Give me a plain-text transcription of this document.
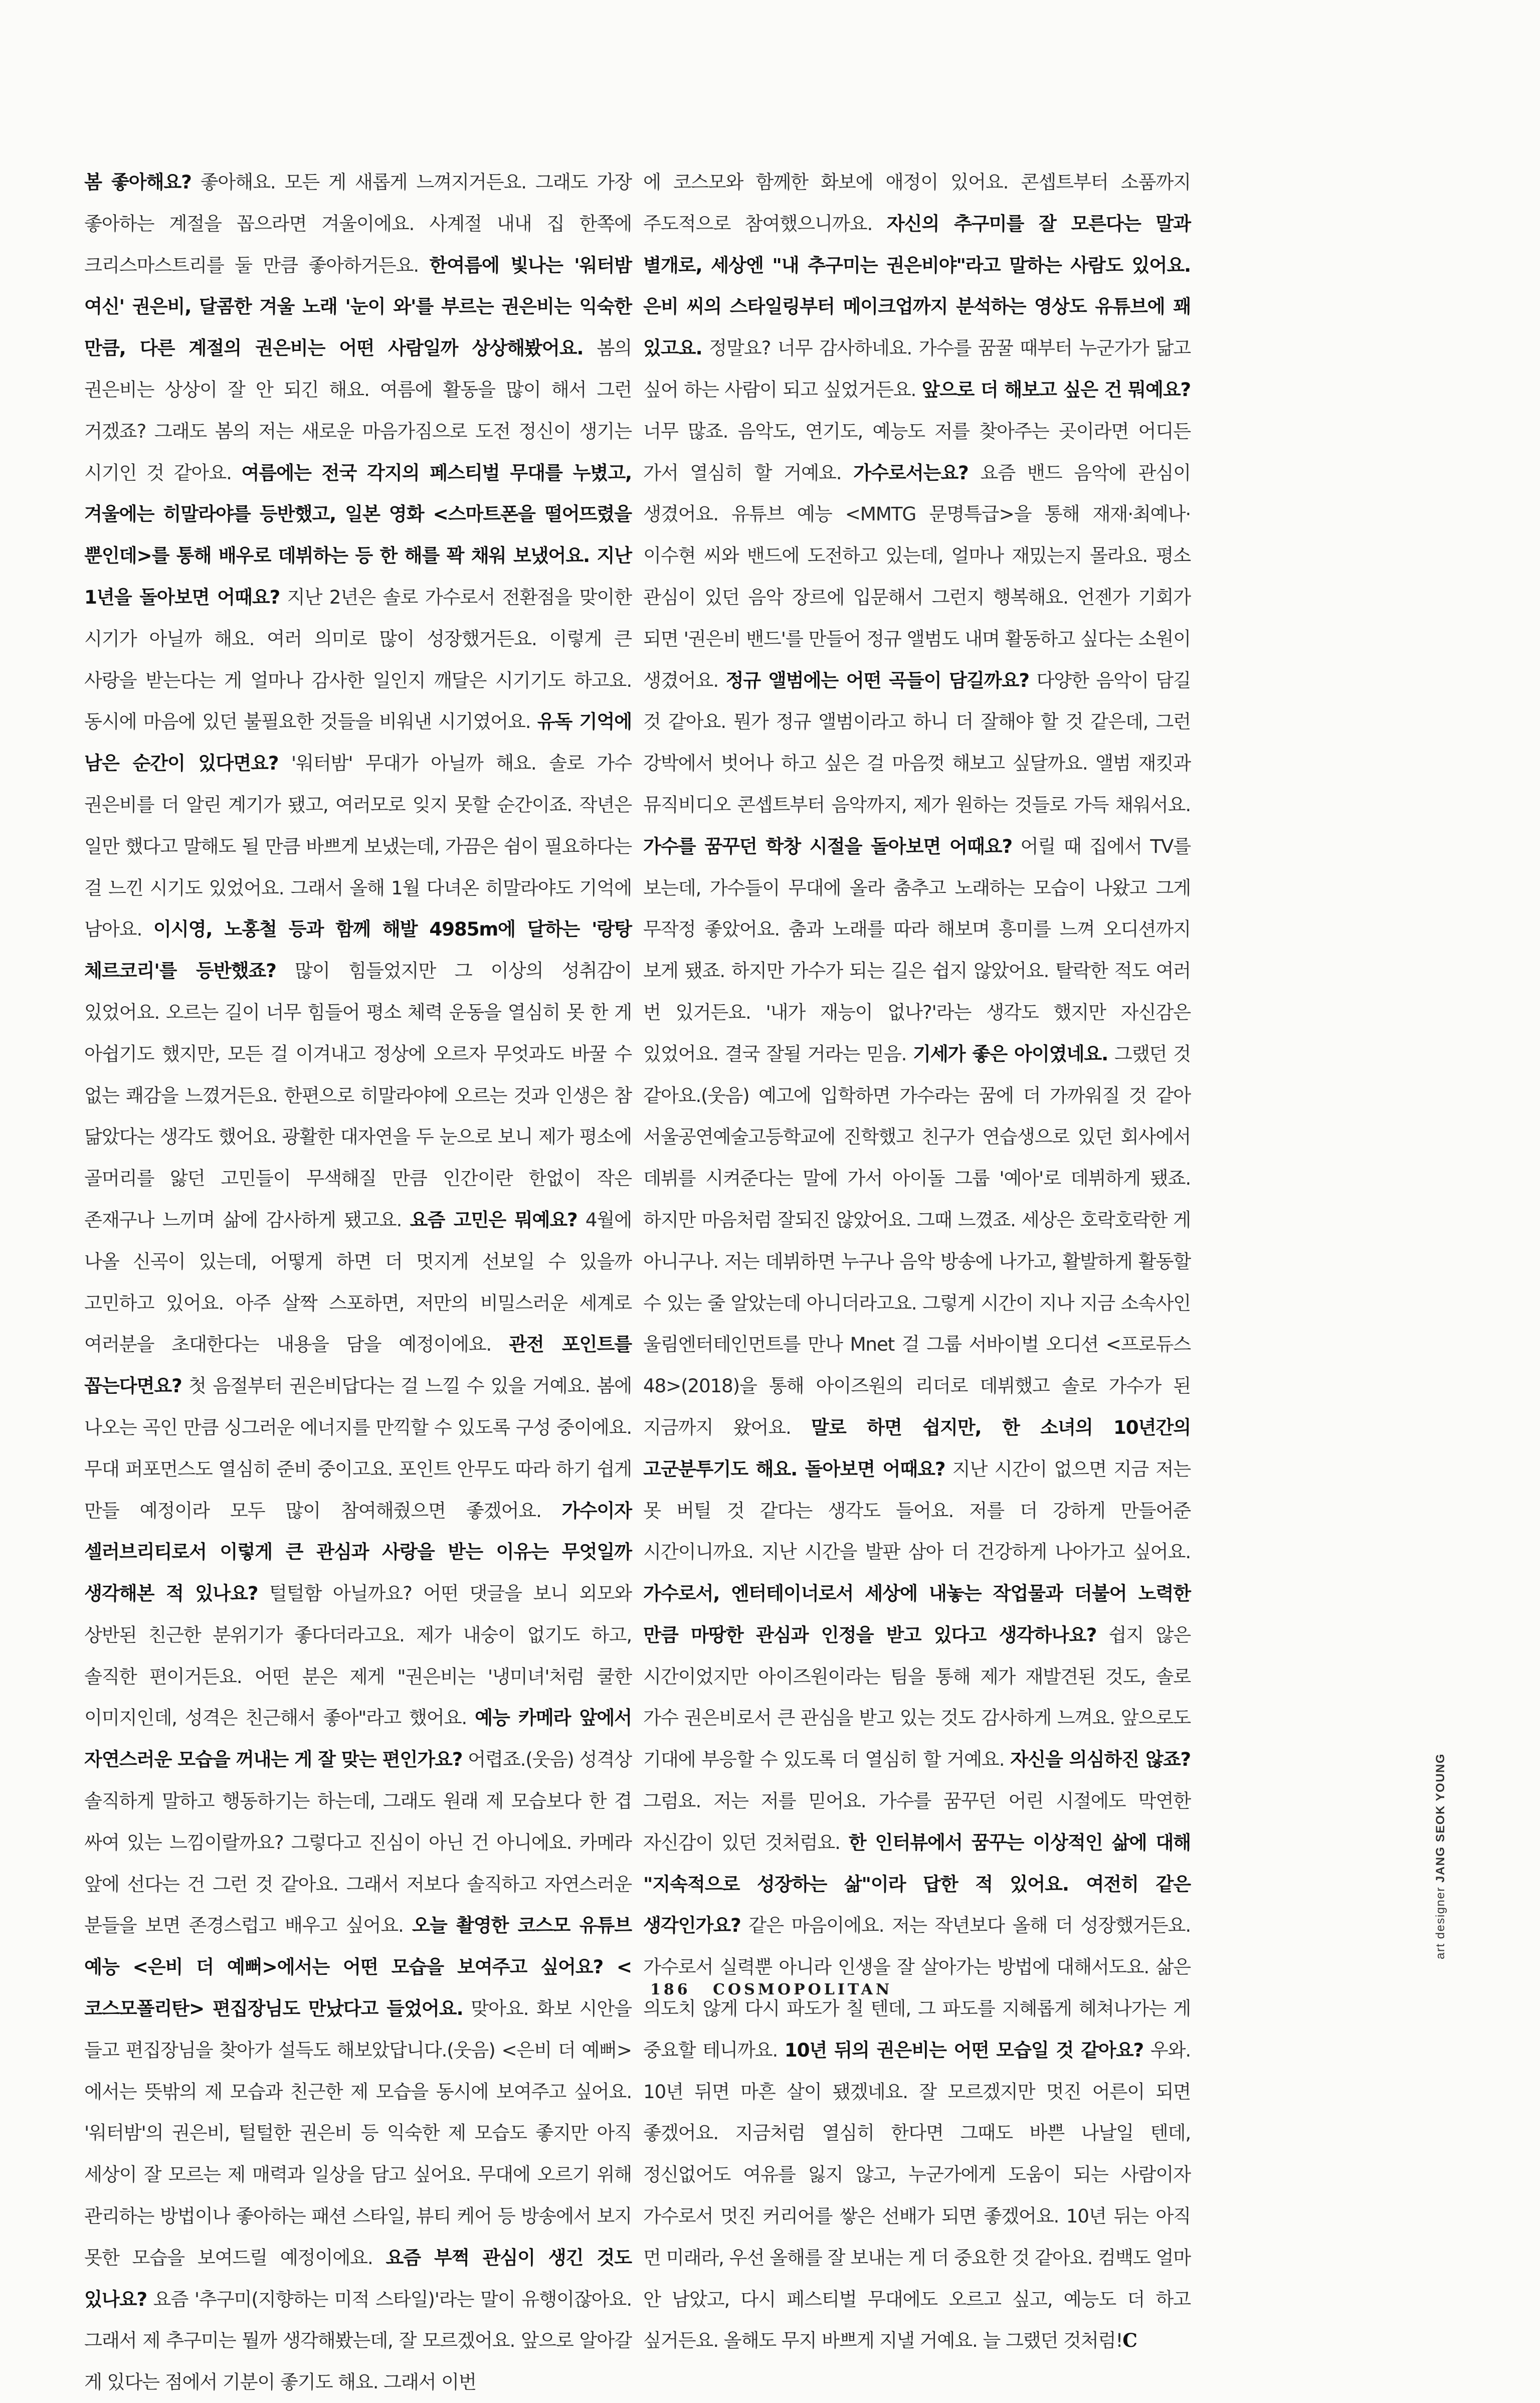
봄 좋아해요? 좋아해요. 모든 게 새롭게 느껴지거든요. 그래도 가장 좋아하는 계절을 꼽으라면 겨울이에요. 사계절 내내 집 한쪽에 크리스마스트리를 둘 만큼 좋아하거든요. 한여름에 빛나는 '워터밤 여신' 권은비, 달콤한 겨울 노래 '눈이 와'를 부르는 권은비는 익숙한 만큼, 다른 계절의 권은비는 어떤 사람일까 상상해봤어요. 봄의 권은비는 상상이 잘 안 되긴 해요. 여름에 활동을 많이 해서 그런 거겠죠? 그래도 봄의 저는 새로운 마음가짐으로 도전 정신이 생기는 시기인 것 같아요. 여름에는 전국 각지의 페스티벌 무대를 누볐고, 겨울에는 히말라야를 등반했고, 일본 영화 <스마트폰을 떨어뜨렸을 뿐인데>를 통해 배우로 데뷔하는 등 한 해를 꽉 채워 보냈어요. 지난 1년을 돌아보면 어때요? 지난 2년은 솔로 가수로서 전환점을 맞이한 시기가 아닐까 해요. 여러 의미로 많이 성장했거든요. 이렇게 큰 사랑을 받는다는 게 얼마나 감사한 일인지 깨달은 시기기도 하고요. 동시에 마음에 있던 불필요한 것들을 비워낸 시기였어요. 유독 기억에 남은 순간이 있다면요? '워터밤' 무대가 아닐까 해요. 솔로 가수 권은비를 더 알린 계기가 됐고, 여러모로 잊지 못할 순간이죠. 작년은 일만 했다고 말해도 될 만큼 바쁘게 보냈는데, 가끔은 쉼이 필요하다는 걸 느낀 시기도 있었어요. 그래서 올해 1월 다녀온 히말라야도 기억에 남아요. 이시영, 노홍철 등과 함께 해발 4985m에 달하는 '랑탕 체르코리'를 등반했죠? 많이 힘들었지만 그 이상의 성취감이 있었어요. 오르는 길이 너무 힘들어 평소 체력 운동을 열심히 못 한 게 아쉽기도 했지만, 모든 걸 이겨내고 정상에 오르자 무엇과도 바꿀 수 없는 쾌감을 느꼈거든요. 한편으로 히말라야에 오르는 것과 인생은 참 닮았다는 생각도 했어요. 광활한 대자연을 두 눈으로 보니 제가 평소에 골머리를 앓던 고민들이 무색해질 만큼 인간이란 한없이 작은 존재구나 느끼며 삶에 감사하게 됐고요. 요즘 고민은 뭐예요? 4월에 나올 신곡이 있는데, 어떻게 하면 더 멋지게 선보일 수 있을까 고민하고 있어요. 아주 살짝 스포하면, 저만의 비밀스러운 세계로 여러분을 초대한다는 내용을 담을 예정이에요. 관전 포인트를 꼽는다면요? 첫 음절부터 권은비답다는 걸 느낄 수 있을 거예요. 봄에 나오는 곡인 만큼 싱그러운 에너지를 만끽할 수 있도록 구성 중이에요. 무대 퍼포먼스도 열심히 준비 중이고요. 포인트 안무도 따라 하기 쉽게 만들 예정이라 모두 많이 참여해줬으면 좋겠어요. 가수이자 셀러브리티로서 이렇게 큰 관심과 사랑을 받는 이유는 무엇일까 생각해본 적 있나요? 털털함 아닐까요? 어떤 댓글을 보니 외모와 상반된 친근한 분위기가 좋다더라고요. 제가 내숭이 없기도 하고, 솔직한 편이거든요. 어떤 분은 제게 "권은비는 '냉미녀'처럼 쿨한 이미지인데, 성격은 친근해서 좋아"라고 했어요. 예능 카메라 앞에서 자연스러운 모습을 꺼내는 게 잘 맞는 편인가요? 어렵죠.(웃음) 성격상 솔직하게 말하고 행동하기는 하는데, 그래도 원래 제 모습보다 한 겹 싸여 있는 느낌이랄까요? 그렇다고 진심이 아닌 건 아니에요. 카메라 앞에 선다는 건 그런 것 같아요. 그래서 저보다 솔직하고 자연스러운 분들을 보면 존경스럽고 배우고 싶어요. 오늘 촬영한 코스모 유튜브 예능 <은비 더 예뻐>에서는 어떤 모습을 보여주고 싶어요? <코스모폴리탄> 편집장님도 만났다고 들었어요. 맞아요. 화보 시안을 들고 편집장님을 찾아가 설득도 해보았답니다.(웃음) <은비 더 예뻐>에서는 뜻밖의 제 모습과 친근한 제 모습을 동시에 보여주고 싶어요. '워터밤'의 권은비, 털털한 권은비 등 익숙한 제 모습도 좋지만 아직 세상이 잘 모르는 제 매력과 일상을 담고 싶어요. 무대에 오르기 위해 관리하는 방법이나 좋아하는 패션 스타일, 뷰티 케어 등 방송에서 보지 못한 모습을 보여드릴 예정이에요. 요즘 부쩍 관심이 생긴 것도 있나요? 요즘 '추구미(지향하는 미적 스타일)'라는 말이 유행이잖아요. 그래서 제 추구미는 뭘까 생각해봤는데, 잘 모르겠어요. 앞으로 알아갈 게 있다는 점에서 기분이 좋기도 해요. 그래서 이번

에 코스모와 함께한 화보에 애정이 있어요. 콘셉트부터 소품까지 주도적으로 참여했으니까요. 자신의 추구미를 잘 모른다는 말과 별개로, 세상엔 "내 추구미는 권은비야"라고 말하는 사람도 있어요. 은비 씨의 스타일링부터 메이크업까지 분석하는 영상도 유튜브에 꽤 있고요. 정말요? 너무 감사하네요. 가수를 꿈꿀 때부터 누군가가 닮고 싶어 하는 사람이 되고 싶었거든요. 앞으로 더 해보고 싶은 건 뭐예요? 너무 많죠. 음악도, 연기도, 예능도 저를 찾아주는 곳이라면 어디든 가서 열심히 할 거예요. 가수로서는요? 요즘 밴드 음악에 관심이 생겼어요. 유튜브 예능 <MMTG 문명특급>을 통해 재재·최예나·이수현 씨와 밴드에 도전하고 있는데, 얼마나 재밌는지 몰라요. 평소 관심이 있던 음악 장르에 입문해서 그런지 행복해요. 언젠가 기회가 되면 '권은비 밴드'를 만들어 정규 앨범도 내며 활동하고 싶다는 소원이 생겼어요. 정규 앨범에는 어떤 곡들이 담길까요? 다양한 음악이 담길 것 같아요. 뭔가 정규 앨범이라고 하니 더 잘해야 할 것 같은데, 그런 강박에서 벗어나 하고 싶은 걸 마음껏 해보고 싶달까요. 앨범 재킷과 뮤직비디오 콘셉트부터 음악까지, 제가 원하는 것들로 가득 채워서요. 가수를 꿈꾸던 학창 시절을 돌아보면 어때요? 어릴 때 집에서 TV를 보는데, 가수들이 무대에 올라 춤추고 노래하는 모습이 나왔고 그게 무작정 좋았어요. 춤과 노래를 따라 해보며 흥미를 느껴 오디션까지 보게 됐죠. 하지만 가수가 되는 길은 쉽지 않았어요. 탈락한 적도 여러 번 있거든요. '내가 재능이 없나?'라는 생각도 했지만 자신감은 있었어요. 결국 잘될 거라는 믿음. 기세가 좋은 아이였네요. 그랬던 것 같아요.(웃음) 예고에 입학하면 가수라는 꿈에 더 가까워질 것 같아 서울공연예술고등학교에 진학했고 친구가 연습생으로 있던 회사에서 데뷔를 시켜준다는 말에 가서 아이돌 그룹 '예아'로 데뷔하게 됐죠. 하지만 마음처럼 잘되진 않았어요. 그때 느꼈죠. 세상은 호락호락한 게 아니구나. 저는 데뷔하면 누구나 음악 방송에 나가고, 활발하게 활동할 수 있는 줄 알았는데 아니더라고요. 그렇게 시간이 지나 지금 소속사인 울림엔터테인먼트를 만나 Mnet 걸 그룹 서바이벌 오디션 <프로듀스 48>(2018)을 통해 아이즈원의 리더로 데뷔했고 솔로 가수가 된 지금까지 왔어요. 말로 하면 쉽지만, 한 소녀의 10년간의 고군분투기도 해요. 돌아보면 어때요? 지난 시간이 없으면 지금 저는 못 버틸 것 같다는 생각도 들어요. 저를 더 강하게 만들어준 시간이니까요. 지난 시간을 발판 삼아 더 건강하게 나아가고 싶어요. 가수로서, 엔터테이너로서 세상에 내놓는 작업물과 더불어 노력한 만큼 마땅한 관심과 인정을 받고 있다고 생각하나요? 쉽지 않은 시간이었지만 아이즈원이라는 팀을 통해 제가 재발견된 것도, 솔로 가수 권은비로서 큰 관심을 받고 있는 것도 감사하게 느껴요. 앞으로도 기대에 부응할 수 있도록 더 열심히 할 거예요. 자신을 의심하진 않죠? 그럼요. 저는 저를 믿어요. 가수를 꿈꾸던 어린 시절에도 막연한 자신감이 있던 것처럼요. 한 인터뷰에서 꿈꾸는 이상적인 삶에 대해 "지속적으로 성장하는 삶"이라 답한 적 있어요. 여전히 같은 생각인가요? 같은 마음이에요. 저는 작년보다 올해 더 성장했거든요. 가수로서 실력뿐 아니라 인생을 잘 살아가는 방법에 대해서도요. 삶은 의도치 않게 다시 파도가 칠 텐데, 그 파도를 지혜롭게 헤쳐나가는 게 중요할 테니까요. 10년 뒤의 권은비는 어떤 모습일 것 같아요? 우와. 10년 뒤면 마흔 살이 됐겠네요. 잘 모르겠지만 멋진 어른이 되면 좋겠어요. 지금처럼 열심히 한다면 그때도 바쁜 나날일 텐데, 정신없어도 여유를 잃지 않고, 누군가에게 도움이 되는 사람이자 가수로서 멋진 커리어를 쌓은 선배가 되면 좋겠어요. 10년 뒤는 아직 먼 미래라, 우선 올해를 잘 보내는 게 더 중요한 것 같아요. 컴백도 얼마 안 남았고, 다시 페스티벌 무대에도 오르고 싶고, 예능도 더 하고 싶거든요. 올해도 무지 바쁘게 지낼 거예요. 늘 그랬던 것처럼!C

186 COSMOPOLITAN
art designer JANG SEOK YOUNG
